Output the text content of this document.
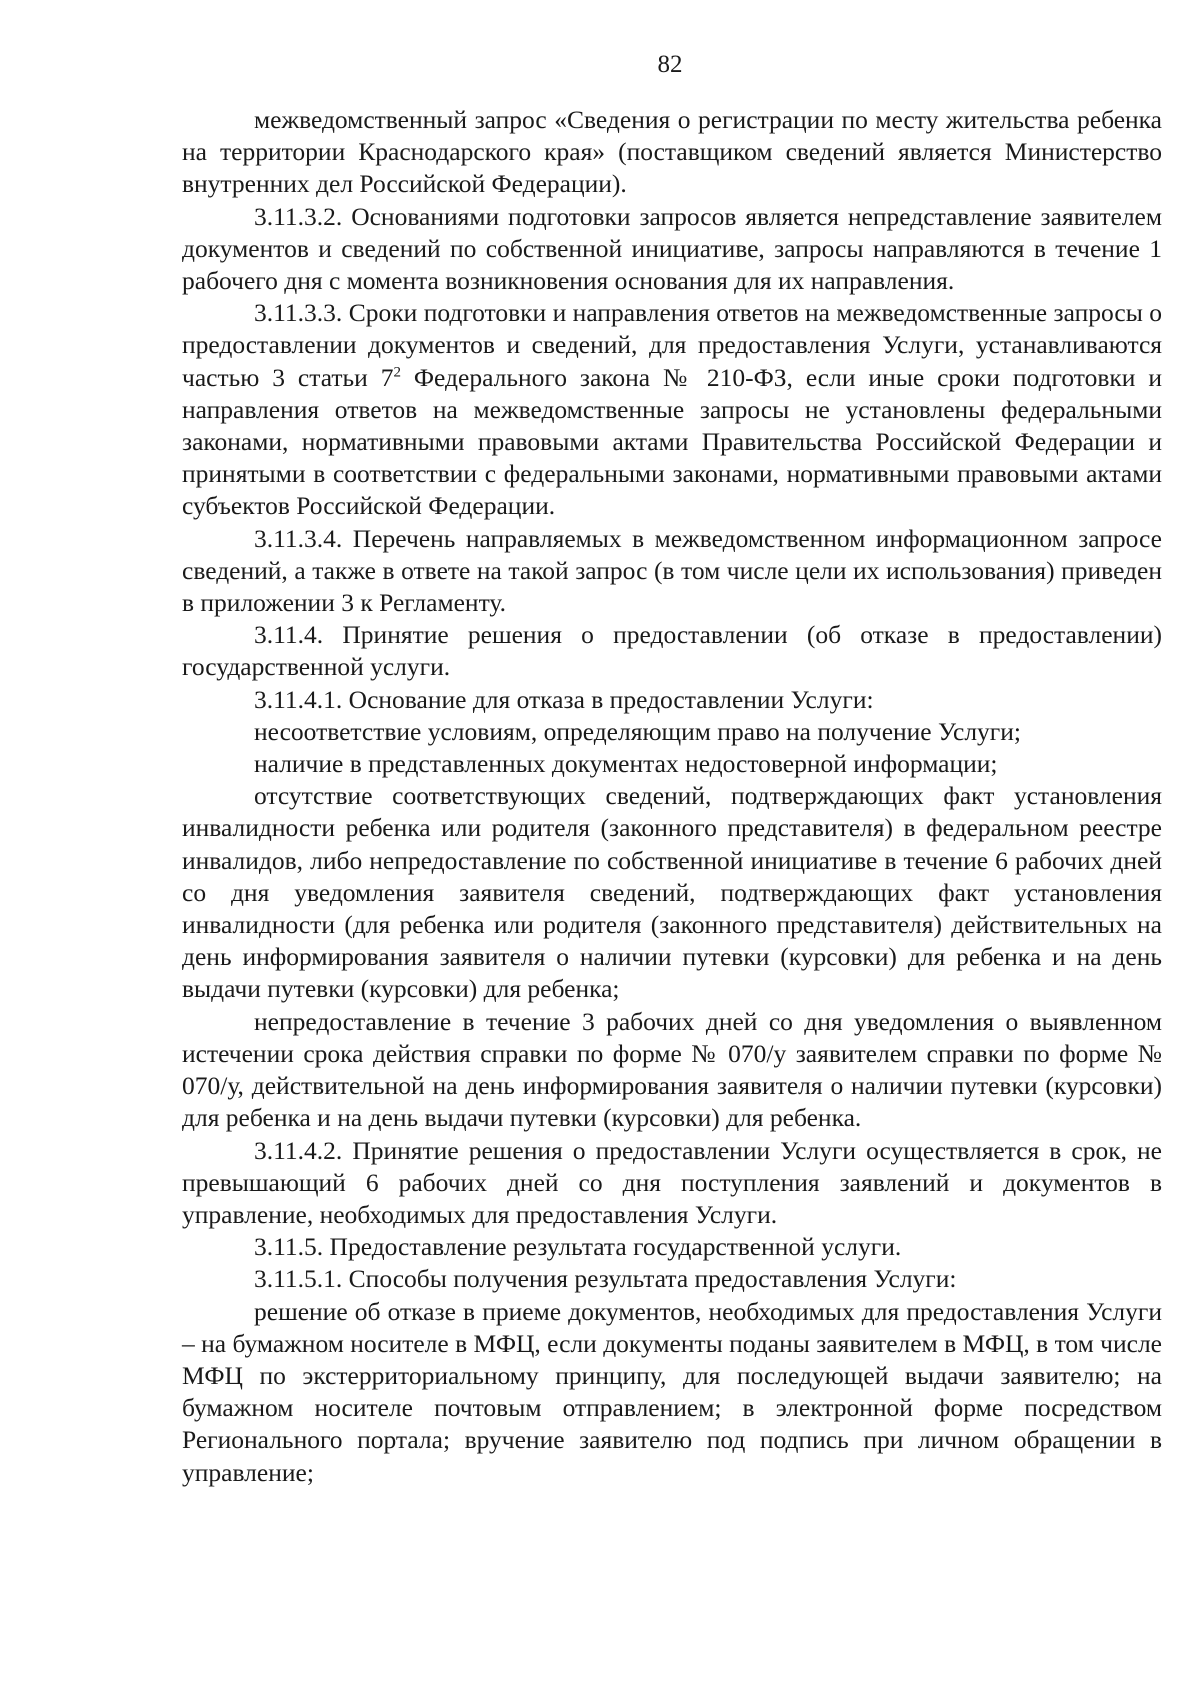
82

межведомственный запрос «Сведения о регистрации по месту жительства ребенка на территории Краснодарского края» (поставщиком сведений является Министерство внутренних дел Российской Федерации).

3.11.3.2. Основаниями подготовки запросов является непредставление заявителем документов и сведений по собственной инициативе, запросы направляются в течение 1 рабочего дня с момента возникновения основания для их направления.

3.11.3.3. Сроки подготовки и направления ответов на межведомственные запросы о предоставлении документов и сведений, для предоставления Услуги, устанавливаются частью 3 статьи $7^2$ Федерального закона № 210-ФЗ, если иные сроки подготовки и направления ответов на межведомственные запросы не установлены федеральными законами, нормативными правовыми актами Правительства Российской Федерации и принятыми в соответствии с федеральными законами, нормативными правовыми актами субъектов Российской Федерации.

3.11.3.4. Перечень направляемых в межведомственном информационном запросе сведений, а также в ответе на такой запрос (в том числе цели их использования) приведен в приложении 3 к Регламенту.

3.11.4. Принятие решения о предоставлении (об отказе в предоставлении) государственной услуги.

3.11.4.1. Основание для отказа в предоставлении Услуги:

несоответствие условиям, определяющим право на получение Услуги;

наличие в представленных документах недостоверной информации;

отсутствие соответствующих сведений, подтверждающих факт установления инвалидности ребенка или родителя (законного представителя) в федеральном реестре инвалидов, либо непредоставление по собственной инициативе в течение 6 рабочих дней со дня уведомления заявителя сведений, подтверждающих факт установления инвалидности (для ребенка или родителя (законного представителя) действительных на день информирования заявителя о наличии путевки (курсовки) для ребенка и на день выдачи путевки (курсовки) для ребенка;

непредоставление в течение 3 рабочих дней со дня уведомления о выявленном истечении срока действия справки по форме № 070/у заявителем справки по форме № 070/у, действительной на день информирования заявителя о наличии путевки (курсовки) для ребенка и на день выдачи путевки (курсовки) для ребенка.

3.11.4.2. Принятие решения о предоставлении Услуги осуществляется в срок, не превышающий 6 рабочих дней со дня поступления заявлений и документов в управление, необходимых для предоставления Услуги.

3.11.5. Предоставление результата государственной услуги.

3.11.5.1. Способы получения результата предоставления Услуги:

решение об отказе в приеме документов, необходимых для предоставления Услуги – на бумажном носителе в МФЦ, если документы поданы заявителем в МФЦ, в том числе МФЦ по экстерриториальному принципу, для последующей выдачи заявителю; на бумажном носителе почтовым отправлением; в электронной форме посредством Регионального портала; вручение заявителю под подпись при личном обращении в управление;
